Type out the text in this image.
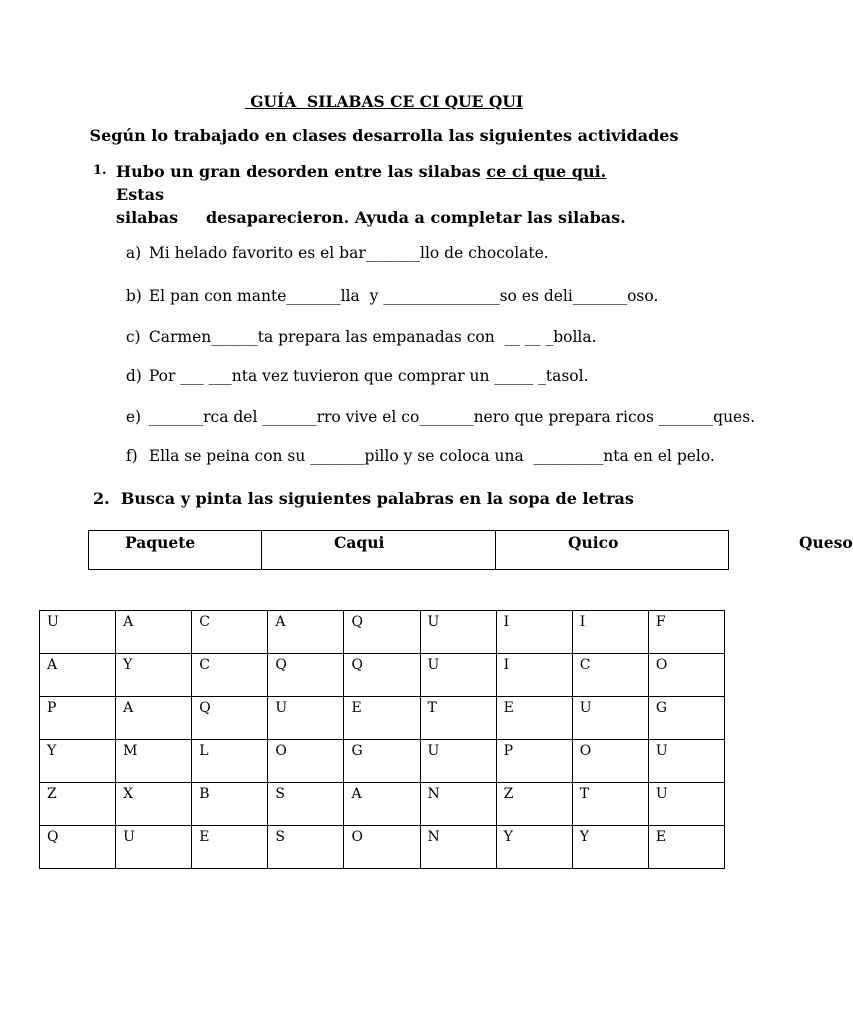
GUÍA  SILABAS CE CI QUE QUI
Según lo trabajado en clases desarrolla las siguientes actividades
1. Hubo un gran desorden entre las silabas ce ci que qui. Estas
silabas     desaparecieron. Ayuda a completar las silabas.

a) Mi helado favorito es el bar_______llo de chocolate.

b) El pan con mante_______lla  y _______________so es deli_______oso.

c) Carmen______ta prepara las empanadas con  __ __ _bolla.

d) Por ___ ___nta vez tuvieron que comprar un _____ _tasol.

e) _______rca del _______rro vive el co_______nero que prepara ricos _______ques.

f) Ella se peina con su _______pillo y se coloca una  _________nta en el pelo.

2.  Busca y pinta las siguientes palabras en la sopa de letras
Paquete	Caqui	Quico	Queso
U	A	C	A	Q	U	I	I	F
A	Y	C	Q	Q	U	I	C	O
P	A	Q	U	E	T	E	U	G
Y	M	L	O	G	U	P	O	U
Z	X	B	S	A	N	Z	T	U
Q	U	E	S	O	N	Y	Y	E
